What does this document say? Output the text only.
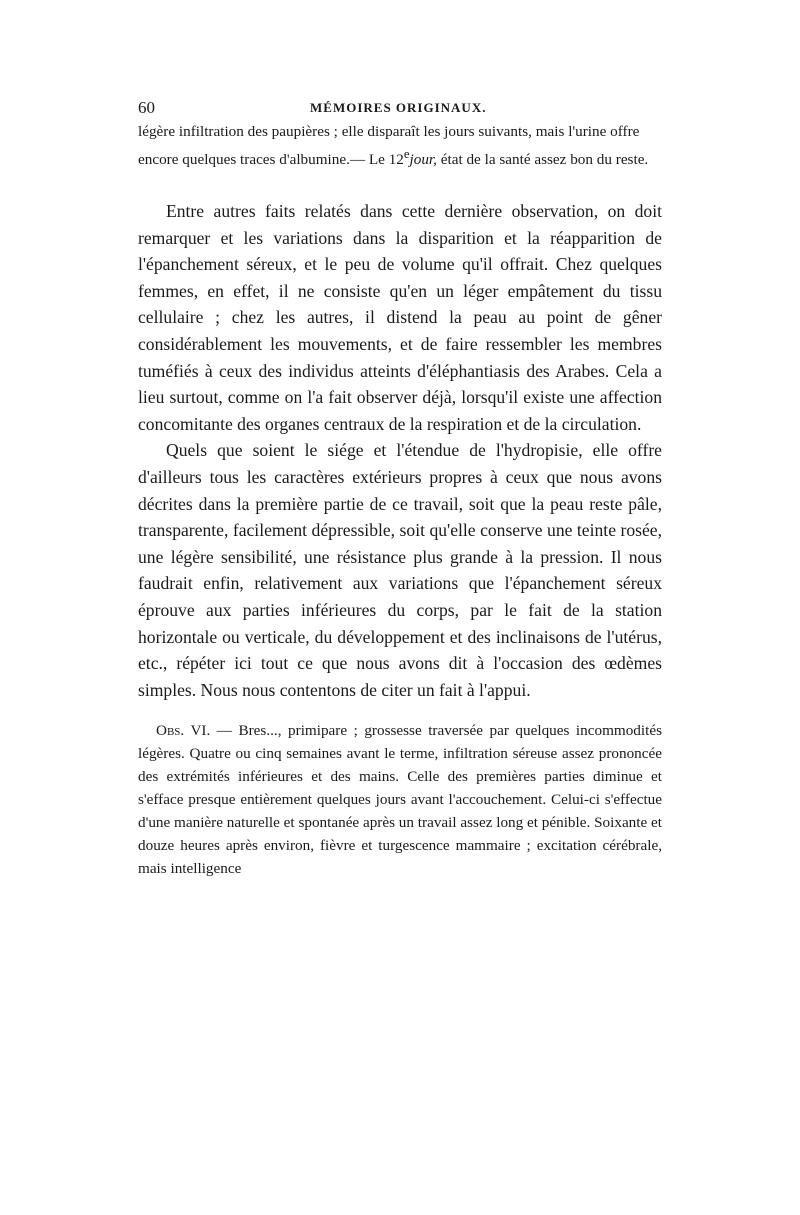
60	MÉMOIRES ORIGINAUX.

légère infiltration des paupières ; elle disparaît les jours suivants, mais l'urine offre encore quelques traces d'albumine.— Le 12ejour, état de la santé assez bon du reste.

Entre autres faits relatés dans cette dernière observation, on doit remarquer et les variations dans la disparition et la réapparition de l'épanchement séreux, et le peu de volume qu'il offrait. Chez quelques femmes, en effet, il ne consiste qu'en un léger empâtement du tissu cellulaire ; chez les autres, il distend la peau au point de gêner considérablement les mouvements, et de faire ressembler les membres tuméfiés à ceux des individus atteints d'éléphantiasis des Arabes. Cela a lieu surtout, comme on l'a fait observer déjà, lorsqu'il existe une affection concomitante des organes centraux de la respiration et de la circulation.

Quels que soient le siége et l'étendue de l'hydropisie, elle offre d'ailleurs tous les caractères extérieurs propres à ceux que nous avons décrites dans la première partie de ce travail, soit que la peau reste pâle, transparente, facilement dépressible, soit qu'elle conserve une teinte rosée, une légère sensibilité, une résistance plus grande à la pression. Il nous faudrait enfin, relativement aux variations que l'épanchement séreux éprouve aux parties inférieures du corps, par le fait de la station horizontale ou verticale, du développement et des inclinaisons de l'utérus, etc., répéter ici tout ce que nous avons dit à l'occasion des œdèmes simples. Nous nous contentons de citer un fait à l'appui.

Obs. VI. — Bres..., primipare ; grossesse traversée par quelques incommodités légères. Quatre ou cinq semaines avant le terme, infiltration séreuse assez prononcée des extrémités inférieures et des mains. Celle des premières parties diminue et s'efface presque entièrement quelques jours avant l'accouchement. Celui-ci s'effectue d'une manière naturelle et spontanée après un travail assez long et pénible. Soixante et douze heures après environ, fièvre et turgescence mammaire ; excitation cérébrale, mais intelligence
